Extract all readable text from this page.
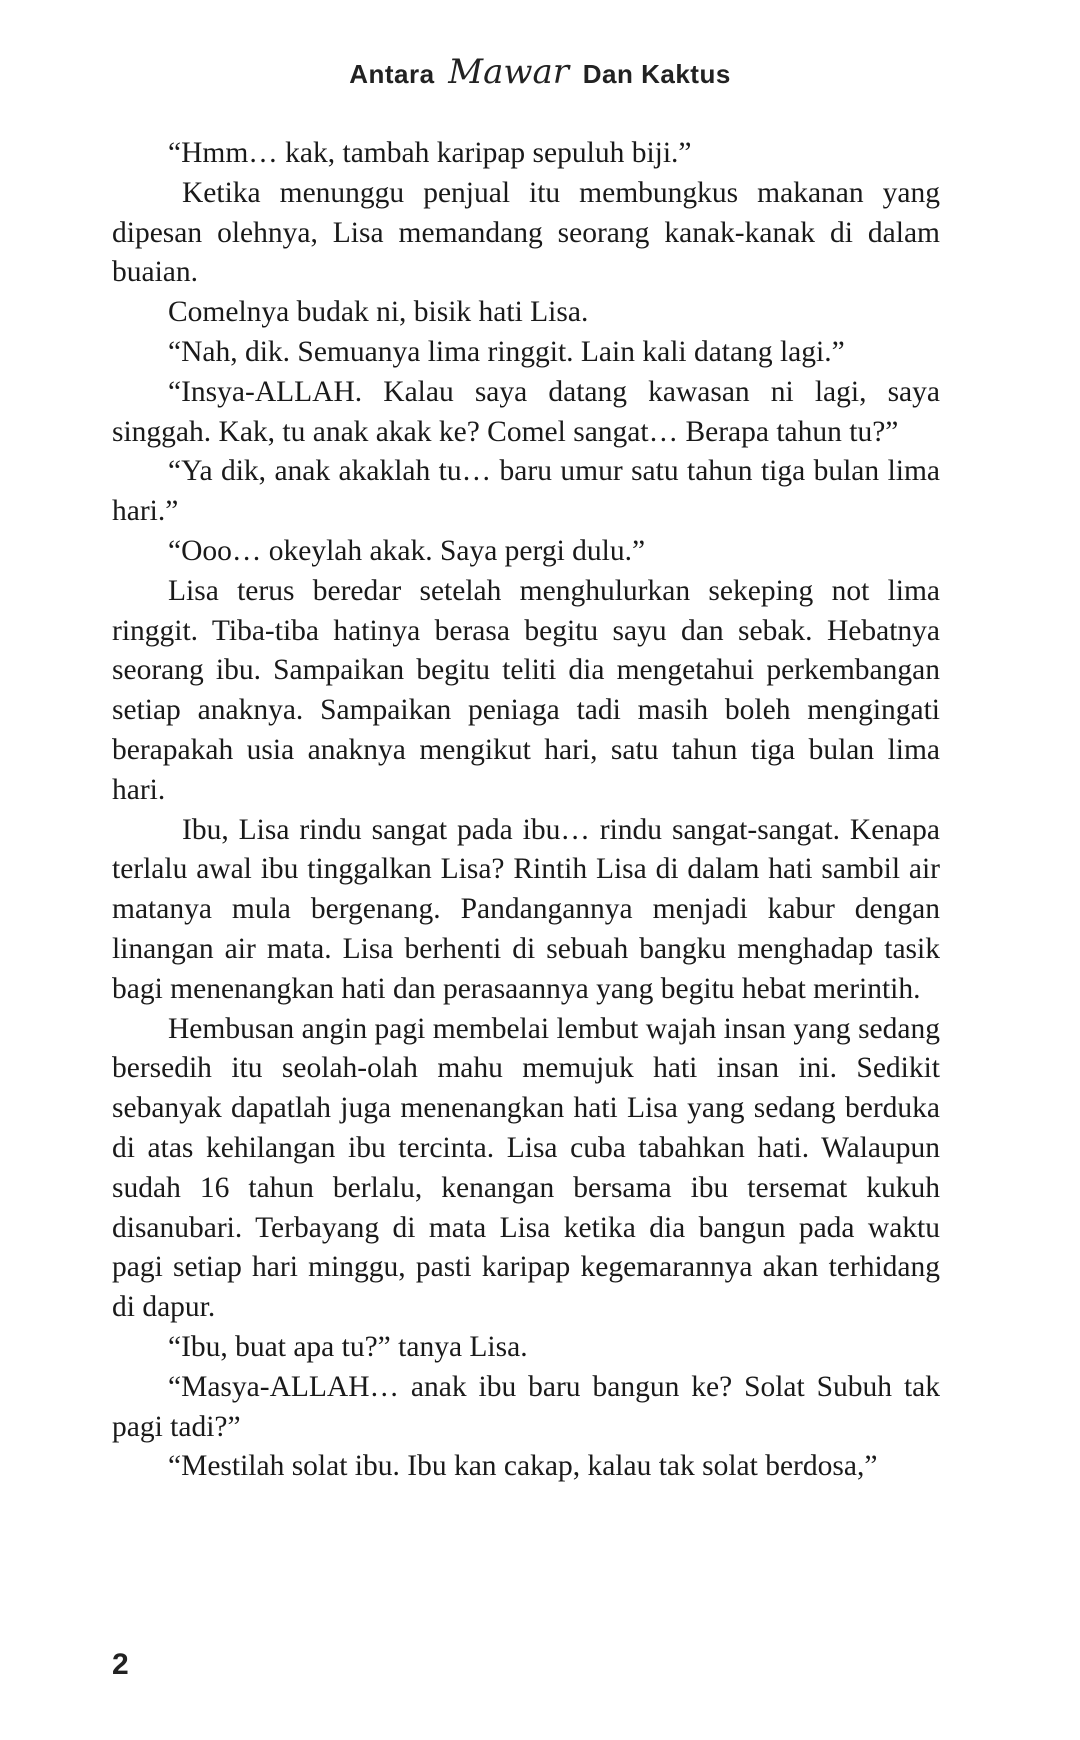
Antara Mawar Dan Kaktus

“Hmm… kak, tambah karipap sepuluh biji.”

Ketika menunggu penjual itu membungkus makanan yang dipesan olehnya, Lisa memandang seorang kanak-kanak di dalam buaian.

Comelnya budak ni, bisik hati Lisa.

“Nah, dik. Semuanya lima ringgit. Lain kali datang lagi.”

“Insya-ALLAH. Kalau saya datang kawasan ni lagi, saya singgah. Kak, tu anak akak ke? Comel sangat… Berapa tahun tu?”

“Ya dik, anak akaklah tu… baru umur satu tahun tiga bulan lima hari.”

“Ooo… okeylah akak. Saya pergi dulu.”

Lisa terus beredar setelah menghulurkan sekeping not lima ringgit. Tiba-tiba hatinya berasa begitu sayu dan sebak. Hebatnya seorang ibu. Sampaikan begitu teliti dia mengetahui perkembangan setiap anaknya. Sampaikan peniaga tadi masih boleh mengingati berapakah usia anaknya mengikut hari, satu tahun tiga bulan lima hari.

Ibu, Lisa rindu sangat pada ibu… rindu sangat-sangat. Kenapa terlalu awal ibu tinggalkan Lisa? Rintih Lisa di dalam hati sambil air matanya mula bergenang. Pandangannya menjadi kabur dengan linangan air mata. Lisa berhenti di sebuah bangku menghadap tasik bagi menenangkan hati dan perasaannya yang begitu hebat merintih.

Hembusan angin pagi membelai lembut wajah insan yang sedang bersedih itu seolah-olah mahu memujuk hati insan ini. Sedikit sebanyak dapatlah juga menenangkan hati Lisa yang sedang berduka di atas kehilangan ibu tercinta. Lisa cuba tabahkan hati. Walaupun sudah 16 tahun berlalu, kenangan bersama ibu tersemat kukuh disanubari. Terbayang di mata Lisa ketika dia bangun pada waktu pagi setiap hari minggu, pasti karipap kegemarannya akan terhidang di dapur.

“Ibu, buat apa tu?” tanya Lisa.

“Masya-ALLAH… anak ibu baru bangun ke? Solat Subuh tak pagi tadi?”

“Mestilah solat ibu. Ibu kan cakap, kalau tak solat berdosa,”

2
